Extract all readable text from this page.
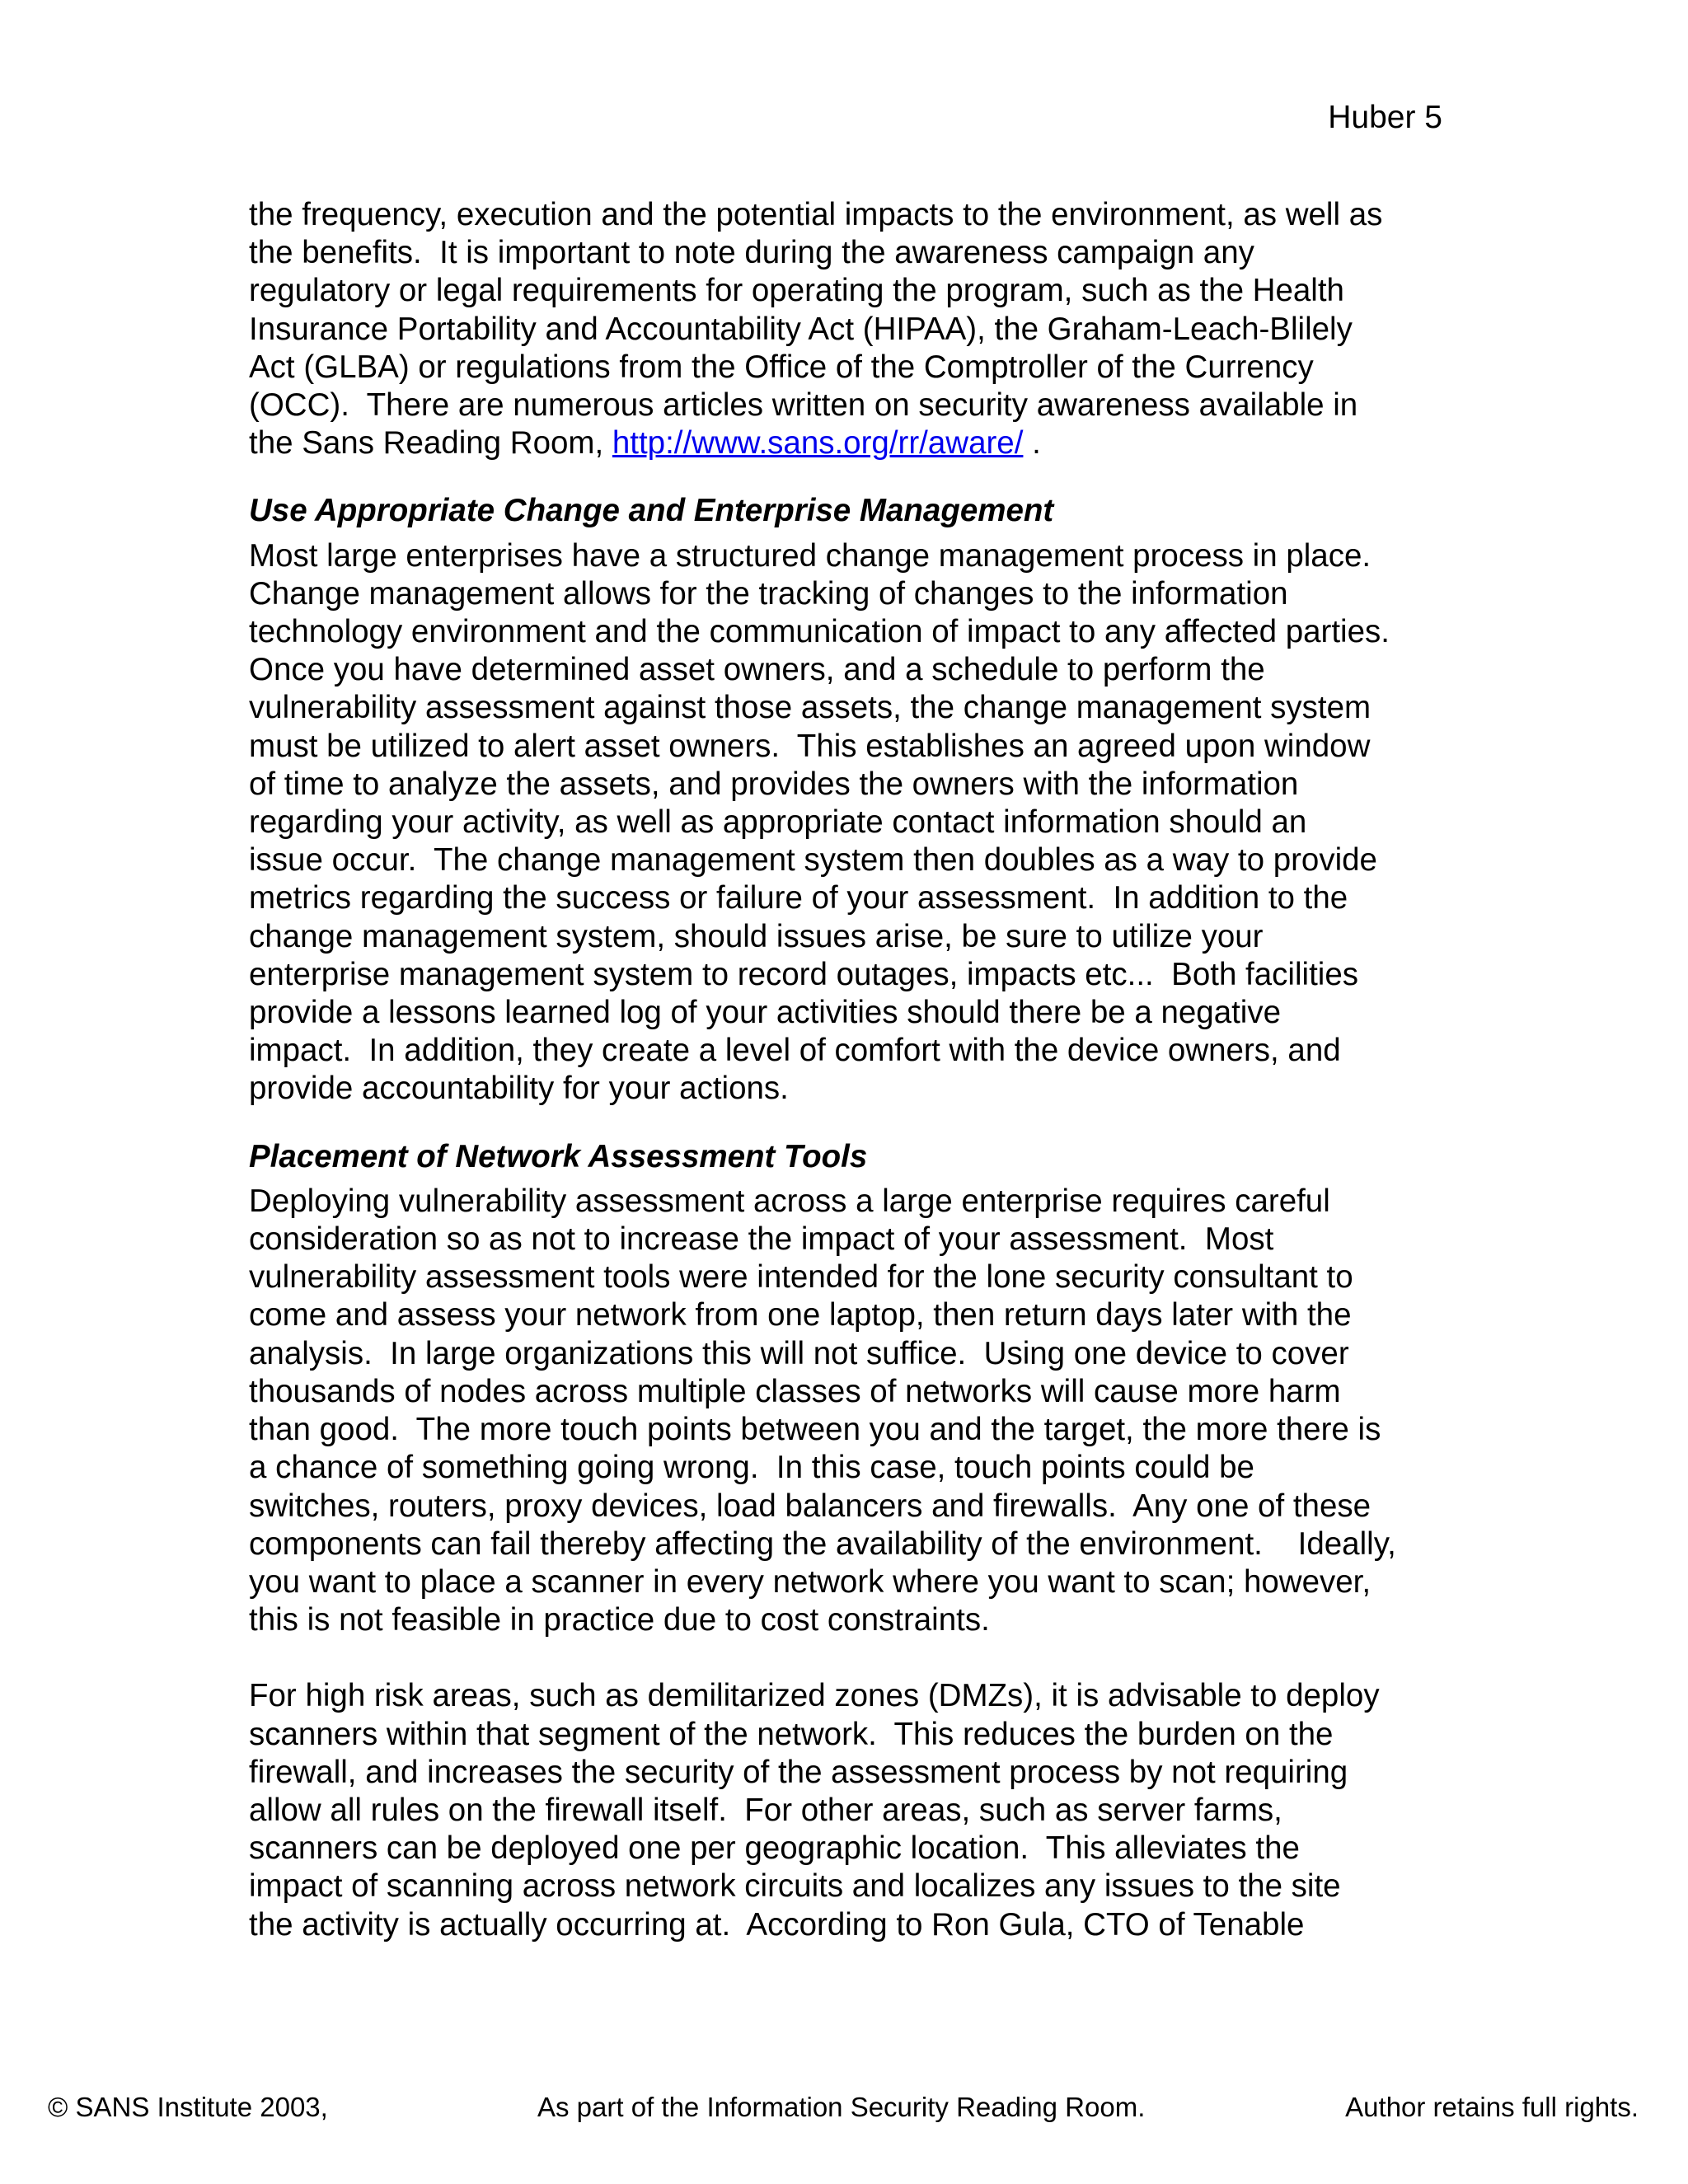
Huber 5
the frequency, execution and the potential impacts to the environment, as well as
the benefits.  It is important to note during the awareness campaign any
regulatory or legal requirements for operating the program, such as the Health
Insurance Portability and Accountability Act (HIPAA), the Graham-Leach-Blilely
Act (GLBA) or regulations from the Office of the Comptroller of the Currency
(OCC).  There are numerous articles written on security awareness available in
the Sans Reading Room, http://www.sans.org/rr/aware/ .
Use Appropriate Change and Enterprise Management
Most large enterprises have a structured change management process in place.
Change management allows for the tracking of changes to the information
technology environment and the communication of impact to any affected parties.
Once you have determined asset owners, and a schedule to perform the
vulnerability assessment against those assets, the change management system
must be utilized to alert asset owners.  This establishes an agreed upon window
of time to analyze the assets, and provides the owners with the information
regarding your activity, as well as appropriate contact information should an
issue occur.  The change management system then doubles as a way to provide
metrics regarding the success or failure of your assessment.  In addition to the
change management system, should issues arise, be sure to utilize your
enterprise management system to record outages, impacts etc...  Both facilities
provide a lessons learned log of your activities should there be a negative
impact.  In addition, they create a level of comfort with the device owners, and
provide accountability for your actions.
Placement of Network Assessment Tools
Deploying vulnerability assessment across a large enterprise requires careful
consideration so as not to increase the impact of your assessment.  Most
vulnerability assessment tools were intended for the lone security consultant to
come and assess your network from one laptop, then return days later with the
analysis.  In large organizations this will not suffice.  Using one device to cover
thousands of nodes across multiple classes of networks will cause more harm
than good.  The more touch points between you and the target, the more there is
a chance of something going wrong.  In this case, touch points could be
switches, routers, proxy devices, load balancers and firewalls.  Any one of these
components can fail thereby affecting the availability of the environment.    Ideally,
you want to place a scanner in every network where you want to scan; however,
this is not feasible in practice due to cost constraints.
For high risk areas, such as demilitarized zones (DMZs), it is advisable to deploy
scanners within that segment of the network.  This reduces the burden on the
firewall, and increases the security of the assessment process by not requiring
allow all rules on the firewall itself.  For other areas, such as server farms,
scanners can be deployed one per geographic location.  This alleviates the
impact of scanning across network circuits and localizes any issues to the site
the activity is actually occurring at.  According to Ron Gula, CTO of Tenable
© SANS Institute 2003,	As part of the Information Security Reading Room.	Author retains full rights.
